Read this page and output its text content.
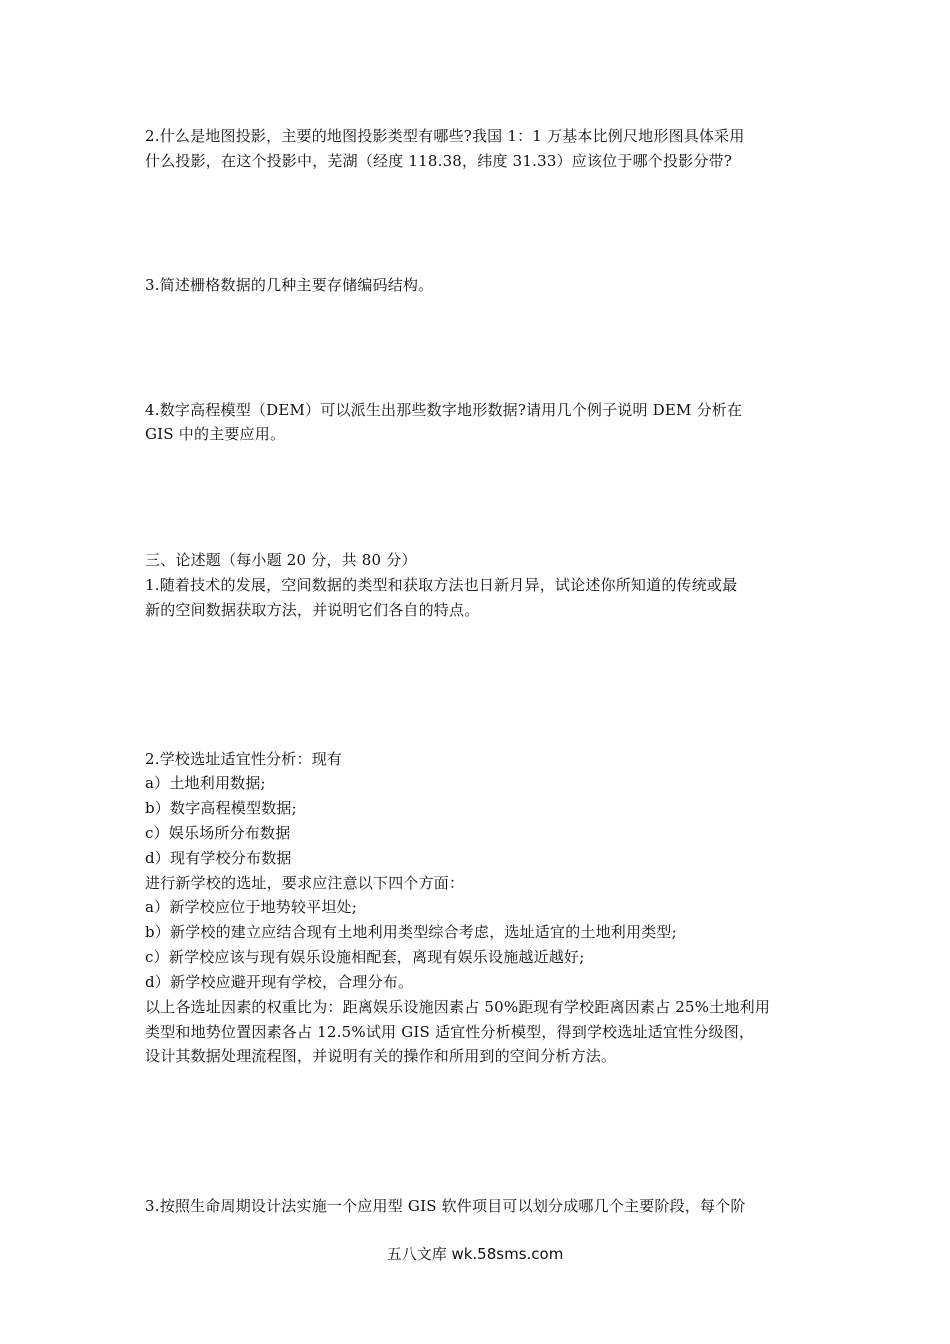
2.什么是地图投影，主要的地图投影类型有哪些?我国 1：1 万基本比例尺地形图具体采用
什么投影，在这个投影中，芜湖（经度 118.38，纬度 31.33）应该位于哪个投影分带?
3.简述栅格数据的几种主要存储编码结构。
4.数字高程模型（DEM）可以派生出那些数字地形数据?请用几个例子说明 DEM 分析在
GIS 中的主要应用。
三、论述题（每小题 20 分，共 80 分）
1.随着技术的发展，空间数据的类型和获取方法也日新月异，试论述你所知道的传统或最
新的空间数据获取方法，并说明它们各自的特点。
2.学校选址适宜性分析：现有
a）土地利用数据;
b）数字高程模型数据;
c）娱乐场所分布数据
d）现有学校分布数据
进行新学校的选址，要求应注意以下四个方面：
a）新学校应位于地势较平坦处;
b）新学校的建立应结合现有土地利用类型综合考虑，选址适宜的土地利用类型;
c）新学校应该与现有娱乐设施相配套，离现有娱乐设施越近越好;
d）新学校应避开现有学校，合理分布。
以上各选址因素的权重比为：距离娱乐设施因素占 50%距现有学校距离因素占 25%土地利用
类型和地势位置因素各占 12.5%试用 GIS 适宜性分析模型，得到学校选址适宜性分级图，
设计其数据处理流程图，并说明有关的操作和所用到的空间分析方法。
3.按照生命周期设计法实施一个应用型 GIS 软件项目可以划分成哪几个主要阶段，每个阶
五八文库 wk.58sms.com
